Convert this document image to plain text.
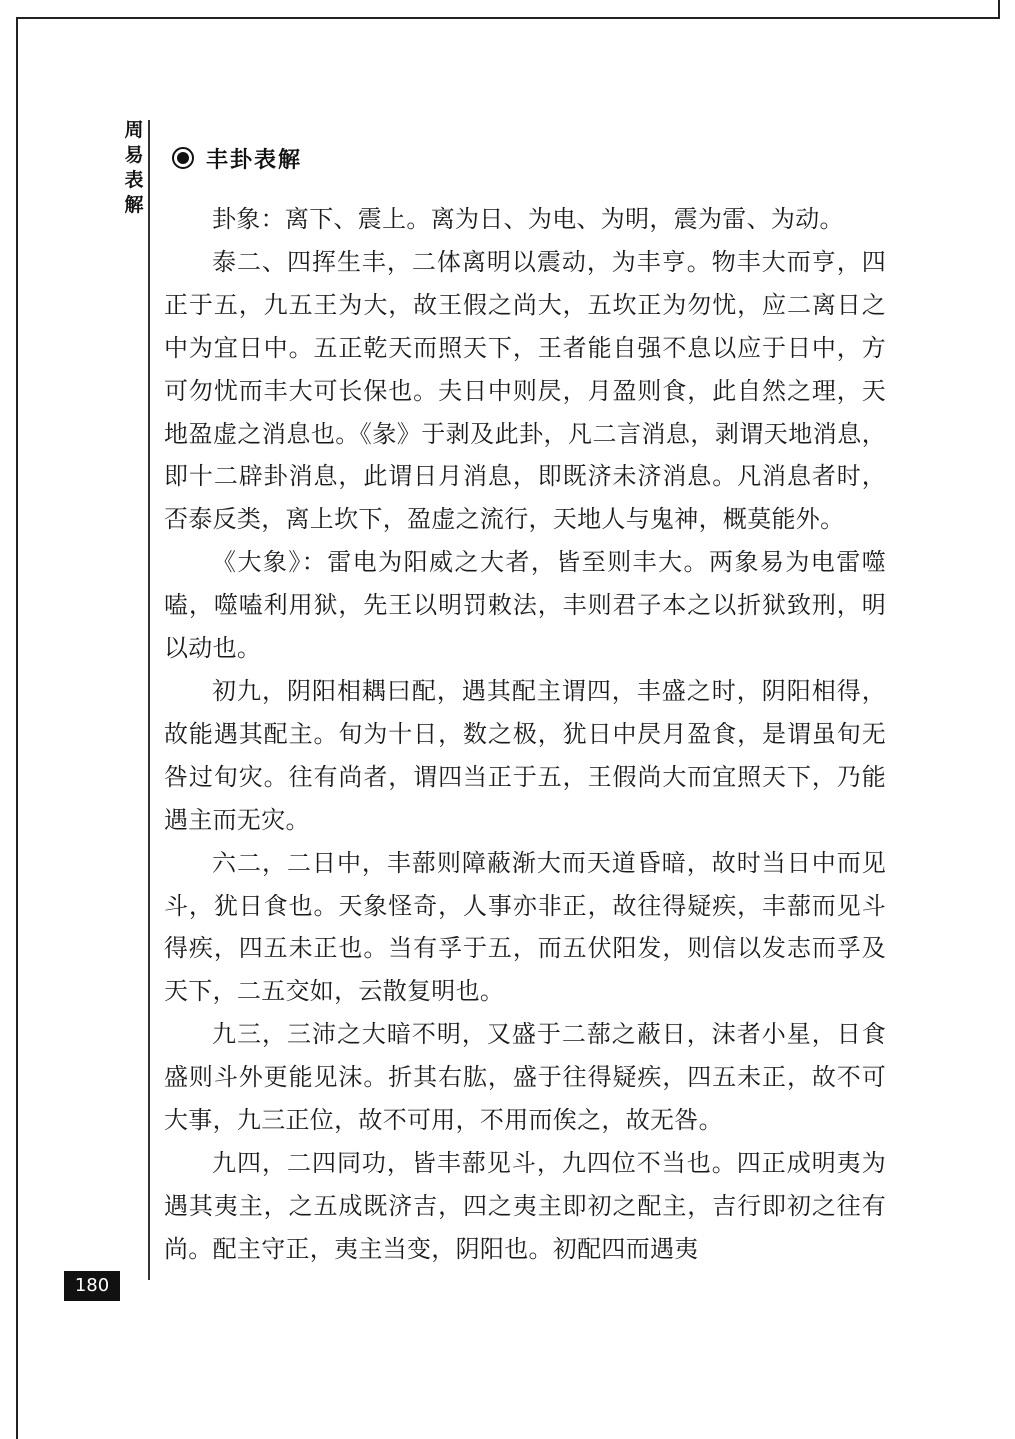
周
易
表
解
丰卦表解

卦象：离下、震上。离为日、为电、为明，震为雷、为动。

泰二、四挥生丰，二体离明以震动，为丰亨。物丰大而亨，四正于五，九五王为大，故王假之尚大，五坎正为勿忧，应二离日之中为宜日中。五正乾天而照天下，王者能自强不息以应于日中，方可勿忧而丰大可长保也。夫日中则昃，月盈则食，此自然之理，天地盈虚之消息也。《彖》于剥及此卦，凡二言消息，剥谓天地消息，即十二辟卦消息，此谓日月消息，即既济未济消息。凡消息者时，否泰反类，离上坎下，盈虚之流行，天地人与鬼神，概莫能外。

《大象》：雷电为阳威之大者，皆至则丰大。两象易为电雷噬嗑，噬嗑利用狱，先王以明罚敕法，丰则君子本之以折狱致刑，明以动也。

初九，阴阳相耦曰配，遇其配主谓四，丰盛之时，阴阳相得，故能遇其配主。旬为十日，数之极，犹日中昃月盈食，是谓虽旬无咎过旬灾。往有尚者，谓四当正于五，王假尚大而宜照天下，乃能遇主而无灾。

六二，二日中，丰蔀则障蔽渐大而天道昏暗，故时当日中而见斗，犹日食也。天象怪奇，人事亦非正，故往得疑疾，丰蔀而见斗得疾，四五未正也。当有孚于五，而五伏阳发，则信以发志而孚及天下，二五交如，云散复明也。

九三，三沛之大暗不明，又盛于二蔀之蔽日，沫者小星，日食盛则斗外更能见沫。折其右肱，盛于往得疑疾，四五未正，故不可大事，九三正位，故不可用，不用而俟之，故无咎。

九四，二四同功，皆丰蔀见斗，九四位不当也。四正成明夷为遇其夷主，之五成既济吉，四之夷主即初之配主，吉行即初之往有尚。配主守正，夷主当变，阴阳也。初配四而遇夷

180
